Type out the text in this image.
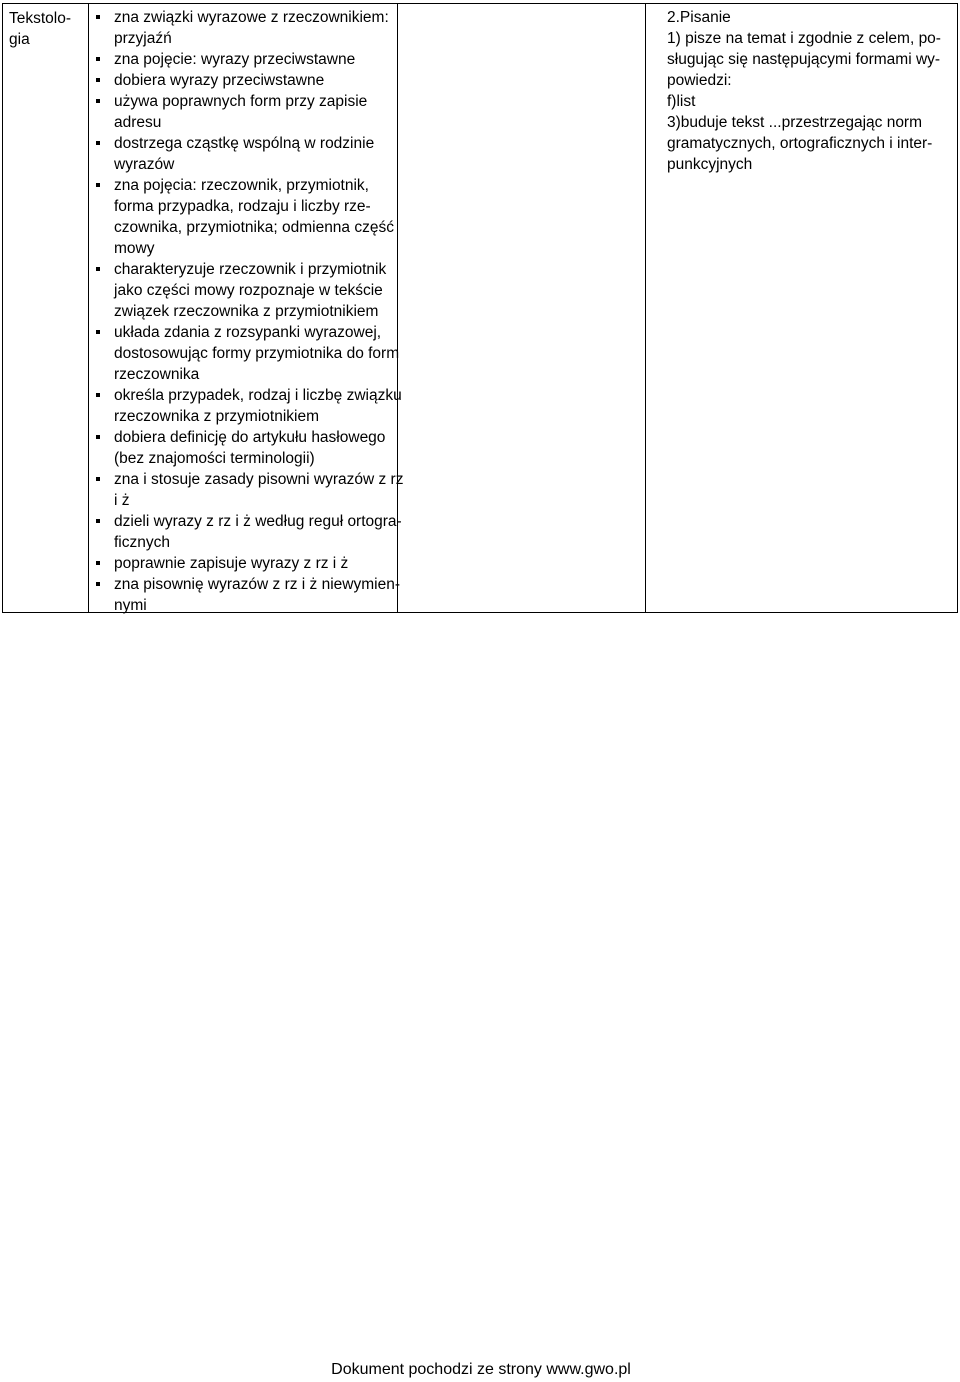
Tekstolo-
gia
zna związki wyrazowe z rzeczownikiem:
przyjaźń
zna pojęcie: wyrazy przeciwstawne
dobiera wyrazy przeciwstawne
używa poprawnych form przy zapisie
adresu
dostrzega cząstkę wspólną w rodzinie
wyrazów
zna pojęcia: rzeczownik, przymiotnik,
forma przypadka, rodzaju i liczby rze-
czownika, przymiotnika; odmienna część
mowy
charakteryzuje rzeczownik i przymiotnik
jako części mowy rozpoznaje w tekście
związek rzeczownika z przymiotnikiem
układa zdania z rozsypanki wyrazowej,
dostosowując formy przymiotnika do form
rzeczownika
określa przypadek, rodzaj i liczbę związku
rzeczownika z przymiotnikiem
dobiera definicję do artykułu hasłowego
(bez znajomości terminologii)
zna i stosuje zasady pisowni wyrazów z rz
i ż
dzieli wyrazy z rz i ż według reguł ortogra-
ficznych
poprawnie zapisuje wyrazy z rz i ż
zna pisownię wyrazów z rz i ż niewymien-
nymi
2.Pisanie
1) pisze na temat i zgodnie z celem, po-
sługując się następującymi formami wy-
powiedzi:
f)list
3)buduje tekst ...przestrzegając norm
gramatycznych, ortograficznych i inter-
punkcyjnych
Dokument pochodzi ze strony www.gwo.pl
